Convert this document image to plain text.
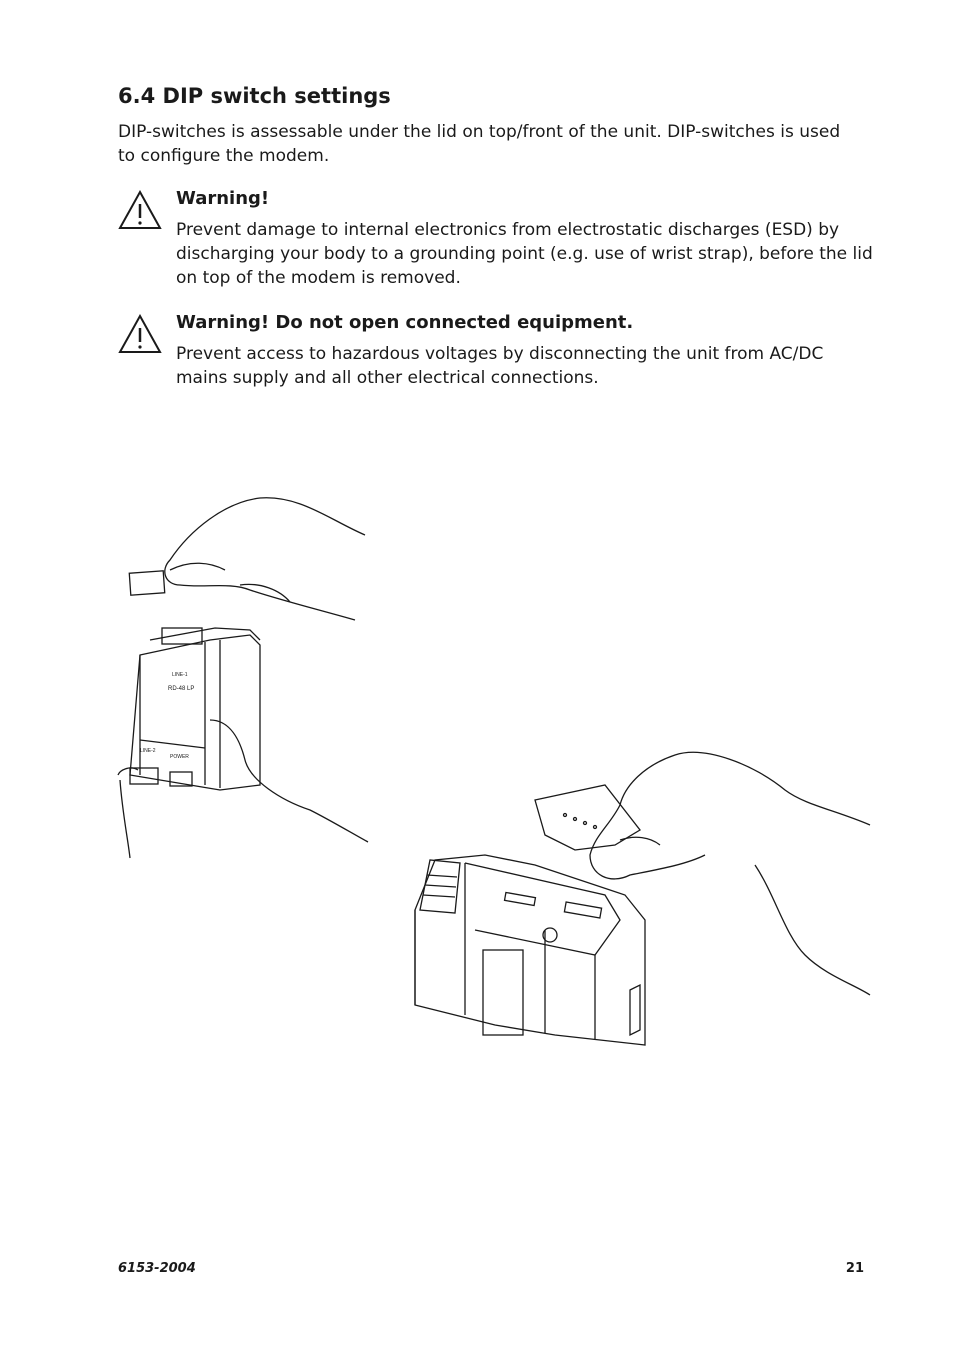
6.4 DIP switch settings

DIP-switches is assessable under the lid on top/front of the unit. DIP-switches is used to configure the modem.

Warning!
Prevent damage to internal electronics from electrostatic discharges (ESD) by discharging your body to a grounding point (e.g. use of wrist strap), before the lid on top of the modem is removed.
Warning! Do not open connected equipment.
Prevent access to hazardous voltages by disconnecting the unit from AC/DC mains supply and all other electrical connections.
RD-48 LP
LINE-1
LINE-2
POWER
6153-2004	21
